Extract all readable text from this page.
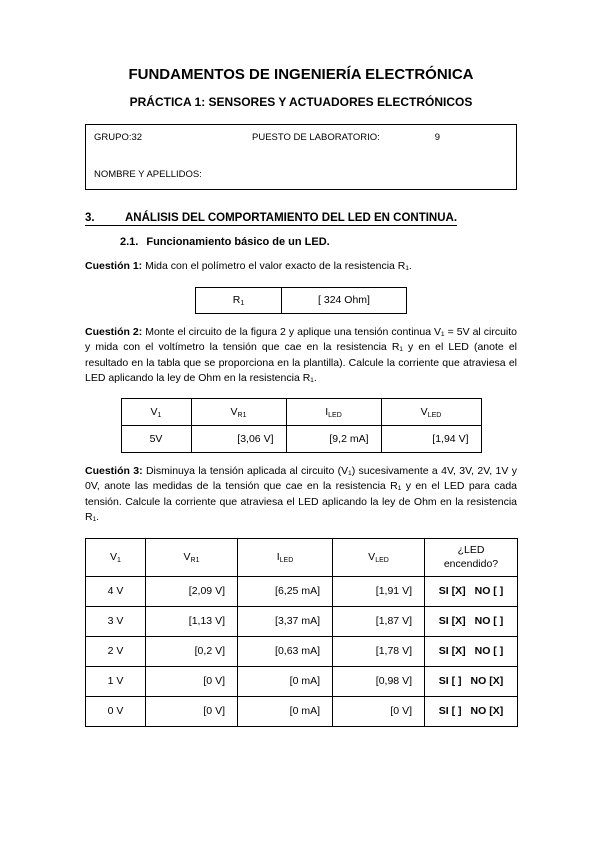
FUNDAMENTOS DE INGENIERÍA ELECTRÓNICA
PRÁCTICA 1: SENSORES Y ACTUADORES ELECTRÓNICOS
GRUPO:32	PUESTO DE LABORATORIO:	9
NOMBRE Y APELLIDOS:
3.	ANÁLISIS DEL COMPORTAMIENTO DEL LED EN CONTINUA.
2.1. Funcionamiento básico de un LED.

Cuestión 1: Mida con el polímetro el valor exacto de la resistencia R₁.

$R_1$	[ 324 Ohm]

Cuestión 2: Monte el circuito de la figura 2 y aplique una tensión continua V₁ = 5V al circuito y mida con el voltímetro la tensión que cae en la resistencia R₁ y en el LED (anote el resultado en la tabla que se proporciona en la plantilla). Calcule la corriente que atraviesa el LED aplicando la ley de Ohm en la resistencia R₁.

$V_1$	$V_{R1}$	$I_{LED}$	$V_{LED}$
5V	[3,06 V]	[9,2 mA]	[1,94 V]

Cuestión 3: Disminuya la tensión aplicada al circuito (V₁) sucesivamente a 4V, 3V, 2V, 1V y 0V, anote las medidas de la tensión que cae en la resistencia R₁ y en el LED para cada tensión. Calcule la corriente que atraviesa el LED aplicando la ley de Ohm en la resistencia R₁.

$V_1$	$V_{R1}$	$I_{LED}$	$V_{LED}$	¿LED
encendido?

4 V	[2,09 V]	[6,25 mA]	[1,91 V]	SI [X] NO [ ]
3 V	[1,13 V]	[3,37 mA]	[1,87 V]	SI [X] NO [ ]
2 V	[0,2 V]	[0,63 mA]	[1,78 V]	SI [X] NO [ ]
1 V	[0 V]	[0 mA]	[0,98 V]	SI [ ] NO [X]
0 V	[0 V]	[0 mA]	[0 V]	SI [ ] NO [X]
